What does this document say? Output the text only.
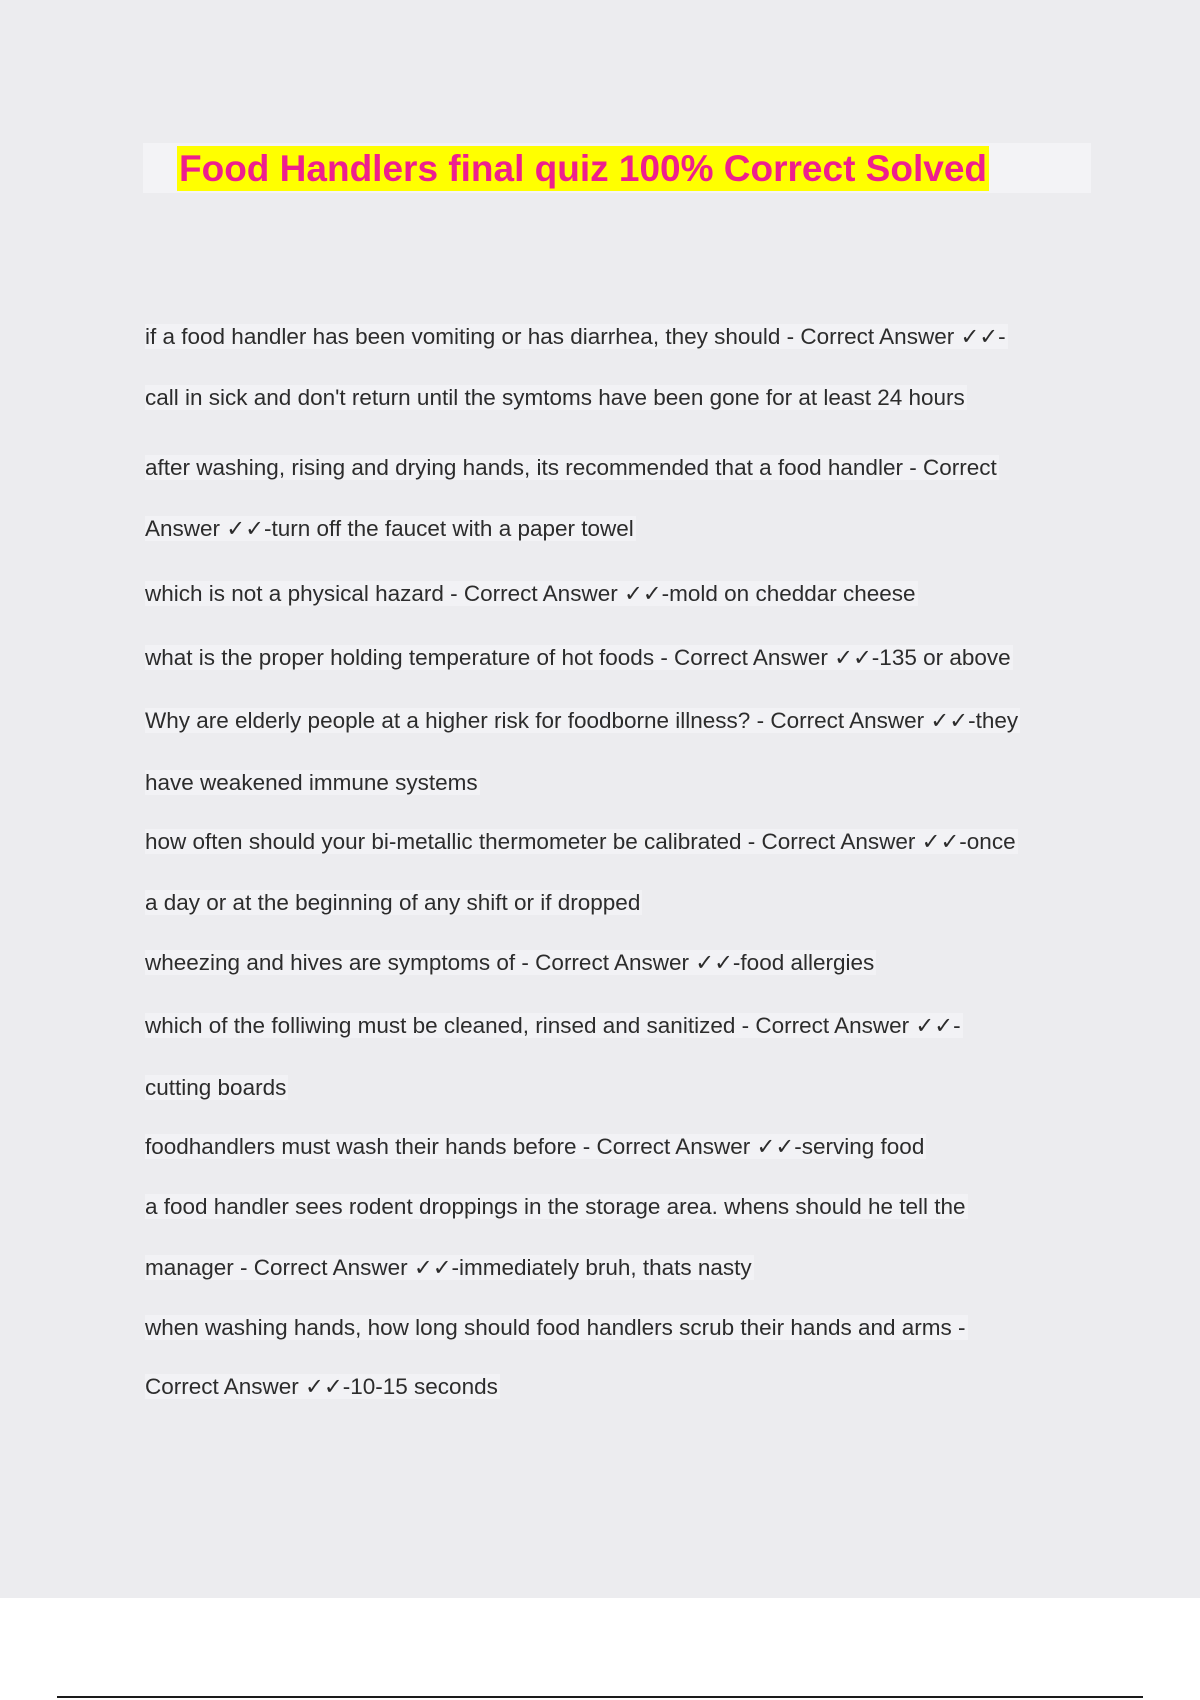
Food Handlers final quiz 100% Correct Solved
if a food handler has been vomiting or has diarrhea, they should - Correct Answer ✓✓-
call in sick and don't return until the symtoms have been gone for at least 24 hours
after washing, rising and drying hands, its recommended that a food handler - Correct
Answer ✓✓-turn off the faucet with a paper towel
which is not a physical hazard - Correct Answer ✓✓-mold on cheddar cheese
what is the proper holding temperature of hot foods - Correct Answer ✓✓-135 or above
Why are elderly people at a higher risk for foodborne illness? - Correct Answer ✓✓-they
have weakened immune systems
how often should your bi-metallic thermometer be calibrated - Correct Answer ✓✓-once
a day or at the beginning of any shift or if dropped
wheezing and hives are symptoms of - Correct Answer ✓✓-food allergies
which of the folliwing must be cleaned, rinsed and sanitized - Correct Answer ✓✓-
cutting boards
foodhandlers must wash their hands before - Correct Answer ✓✓-serving food
a food handler sees rodent droppings in the storage area. whens should he tell the
manager - Correct Answer ✓✓-immediately bruh, thats nasty
when washing hands, how long should food handlers scrub their hands and arms -
Correct Answer ✓✓-10-15 seconds
